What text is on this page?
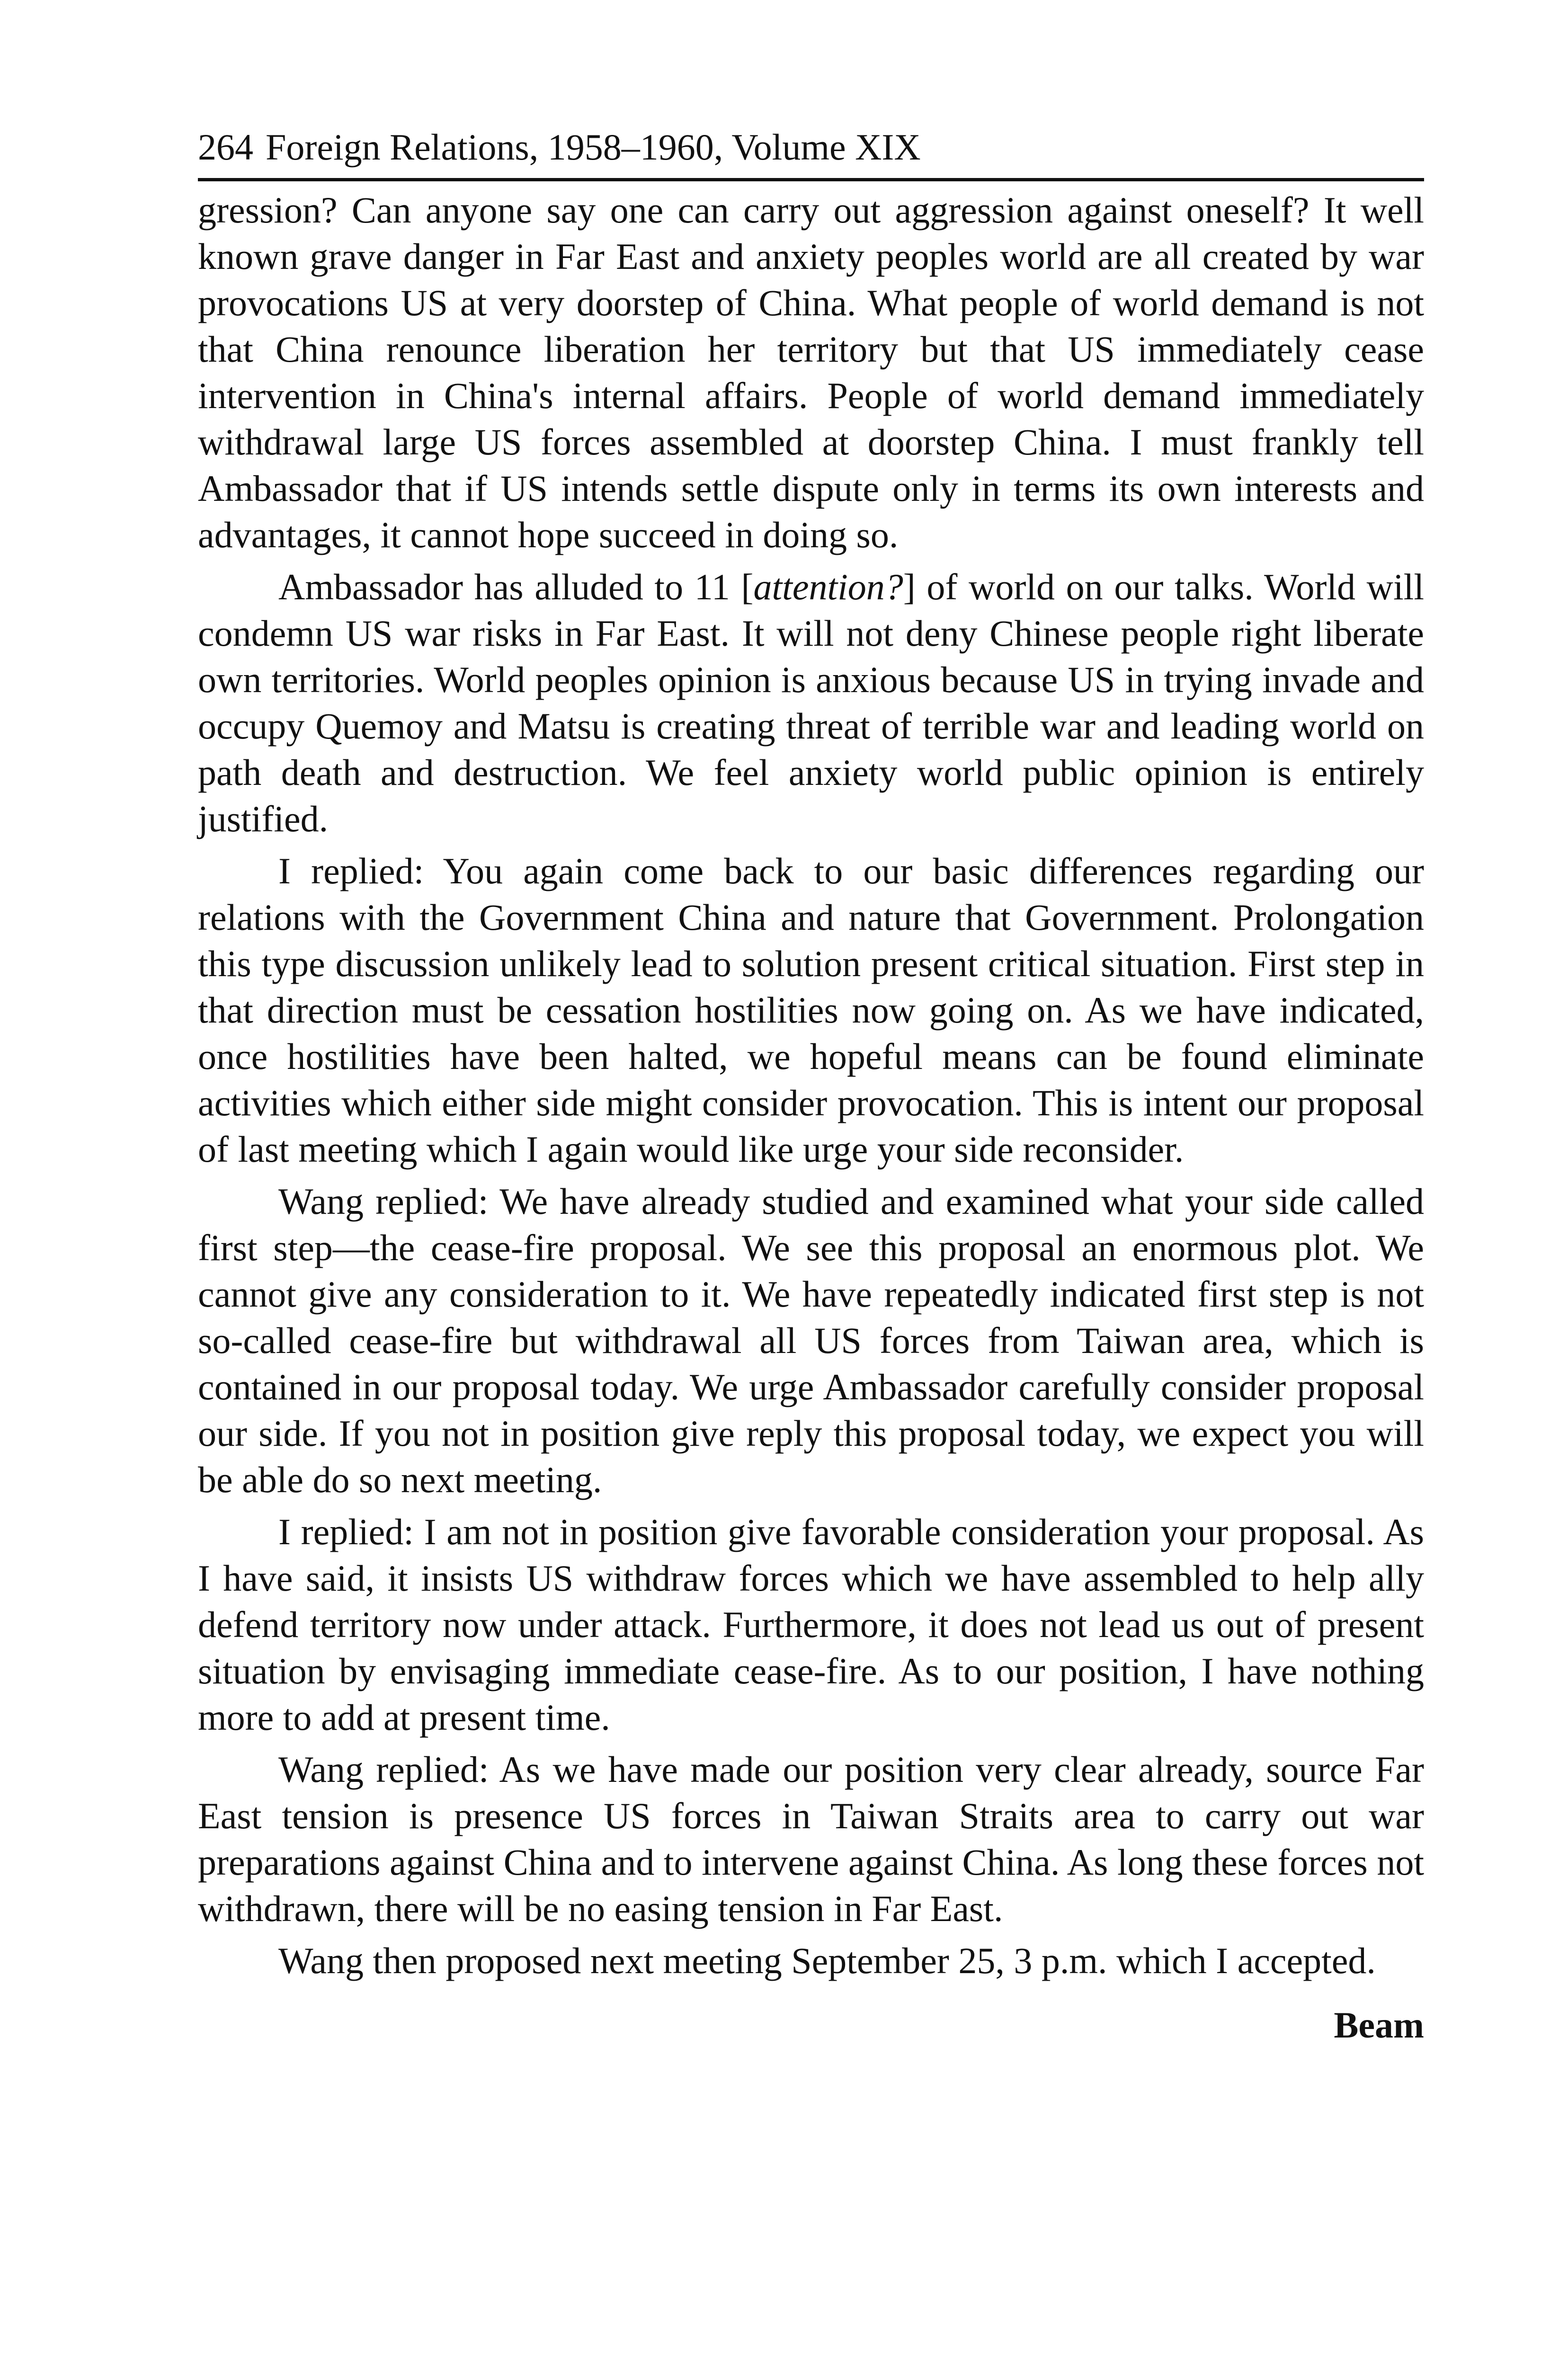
264 Foreign Relations, 1958–1960, Volume XIX

gression? Can anyone say one can carry out aggression against oneself? It well known grave danger in Far East and anxiety peoples world are all created by war provocations US at very doorstep of China. What people of world demand is not that China renounce liberation her territory but that US immediately cease intervention in China's internal affairs. People of world demand immediately withdrawal large US forces assembled at doorstep China. I must frankly tell Ambassador that if US intends settle dispute only in terms its own interests and advantages, it cannot hope succeed in doing so.

Ambassador has alluded to 11 [attention?] of world on our talks. World will condemn US war risks in Far East. It will not deny Chinese people right liberate own territories. World peoples opinion is anxious because US in trying invade and occupy Quemoy and Matsu is creating threat of terrible war and leading world on path death and destruction. We feel anxiety world public opinion is entirely justified.

I replied: You again come back to our basic differences regarding our relations with the Government China and nature that Government. Prolongation this type discussion unlikely lead to solution present critical situation. First step in that direction must be cessation hostilities now going on. As we have indicated, once hostilities have been halted, we hopeful means can be found eliminate activities which either side might consider provocation. This is intent our proposal of last meeting which I again would like urge your side reconsider.

Wang replied: We have already studied and examined what your side called first step—the cease-fire proposal. We see this proposal an enormous plot. We cannot give any consideration to it. We have repeatedly indicated first step is not so-called cease-fire but withdrawal all US forces from Taiwan area, which is contained in our proposal today. We urge Ambassador carefully consider proposal our side. If you not in position give reply this proposal today, we expect you will be able do so next meeting.

I replied: I am not in position give favorable consideration your proposal. As I have said, it insists US withdraw forces which we have assembled to help ally defend territory now under attack. Furthermore, it does not lead us out of present situation by envisaging immediate cease-fire. As to our position, I have nothing more to add at present time.

Wang replied: As we have made our position very clear already, source Far East tension is presence US forces in Taiwan Straits area to carry out war preparations against China and to intervene against China. As long these forces not withdrawn, there will be no easing tension in Far East.

Wang then proposed next meeting September 25, 3 p.m. which I accepted.

Beam
